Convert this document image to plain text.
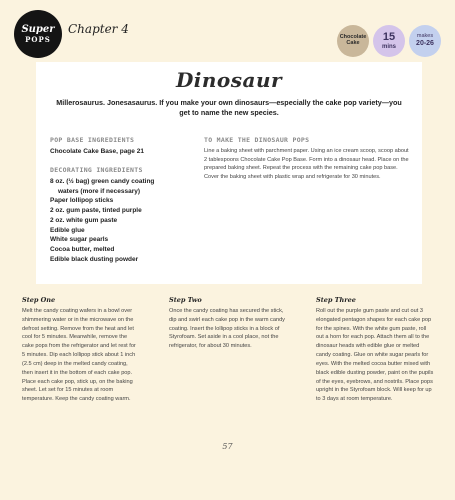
Super
POPS
Chapter 4
Chocolate Cake	15
mins
makes
20-26
Dinosaur
Millerosaurus. Jonesasaurus. If you make your own dinosaurs—especially the cake pop variety—you get to name the new species.
POP BASE INGREDIENTS
Chocolate Cake Base, page 21
DECORATING INGREDIENTS
8 oz. (½ bag) green candy coating
waters (more if necessary)
Paper lollipop sticks
2 oz. gum paste, tinted purple
2 oz. white gum paste
Edible glue
White sugar pearls
Cocoa butter, melted
Edible black dusting powder
TO MAKE THE DINOSAUR POPS
Line a baking sheet with parchment paper. Using an ice cream scoop, scoop about 2 tablespoons Chocolate Cake Pop Base. Form into a dinosaur head. Place on the prepared baking sheet. Repeat the process with the remaining cake pop base. Cover the baking sheet with plastic wrap and refrigerate for 30 minutes.
Step One

Melt the candy coating wafers in a bowl over shimmering water or in the microwave on the defrost setting. Remove from the heat and let cool for 5 minutes. Meanwhile, remove the cake pops from the refrigerator and let rest for 5 minutes. Dip each lollipop stick about 1 inch (2.5 cm) deep in the melted candy coating, then insert it in the bottom of each cake pop. Place each cake pop, stick up, on the baking sheet. Let set for 15 minutes at room temperature. Keep the candy coating warm.

Step Two

Once the candy coating has secured the stick, dip and swirl each cake pop in the warm candy coating. Insert the lollipop sticks in a block of Styrofoam. Set aside in a cool place, not the refrigerator, for about 30 minutes.

Step Three

Roll out the purple gum paste and cut out 3 elongated pentagon shapes for each cake pop for the spines. With the white gum paste, roll out a horn for each pop. Attach them all to the dinosaur heads with edible glue or melted candy coating. Glue on white sugar pearls for eyes. With the melted cocoa butter mixed with black edible dusting powder, paint on the pupils of the eyes, eyebrows, and nostrils. Place pops upright in the Styrofoam block. Will keep for up to 3 days at room temperature.

57
